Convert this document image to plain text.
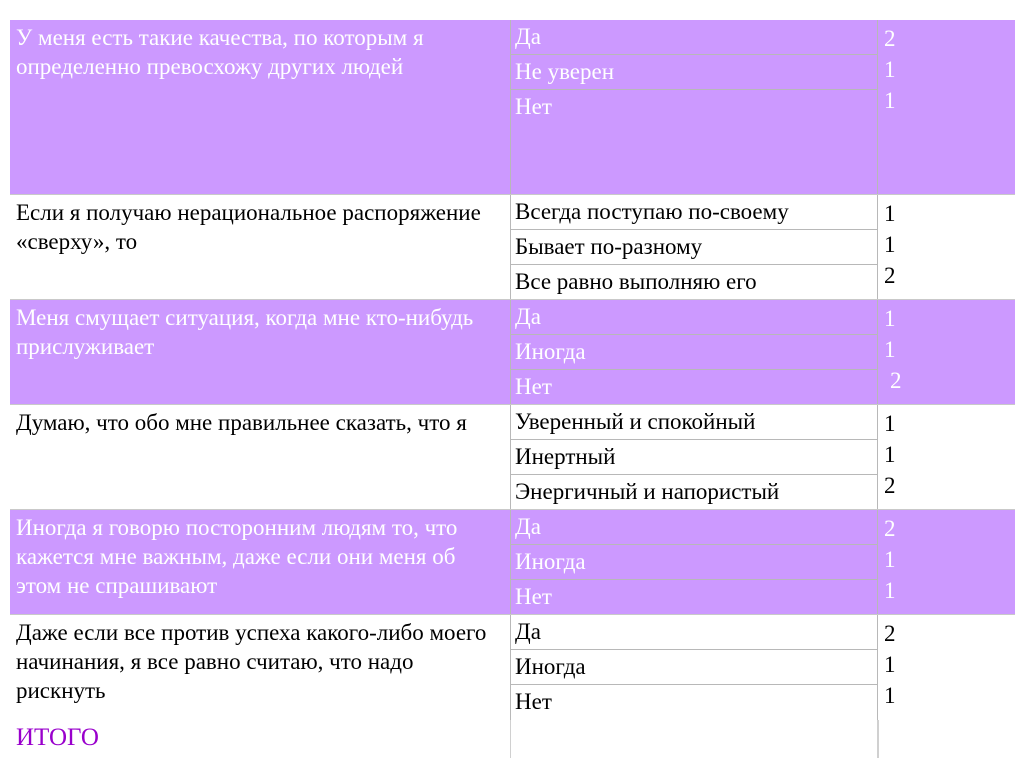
У меня есть такие качества, по которым я определенно превосхожу других людей
Да
Не уверен
Нет
2
1
1
Если я получаю нерациональное распоряжение «сверху», то
Всегда поступаю по-своему
Бывает по-разному
Все равно выполняю его
1
1
2
Меня смущает ситуация, когда мне кто-нибудь прислуживает
Да
Иногда
Нет
1
1
2
Думаю, что обо мне правильнее сказать, что я	Уверенный и спокойный
Инертный
Энергичный и напористый
1
1
2
Иногда я говорю посторонним людям то, что кажется мне важным, даже если они меня об этом не спрашивают
Да
Иногда
Нет
2
1
1
Даже если все против успеха какого-либо моего начинания, я все равно считаю, что надо рискнуть
Да
Иногда
Нет
2
1
1
ИТОГО
